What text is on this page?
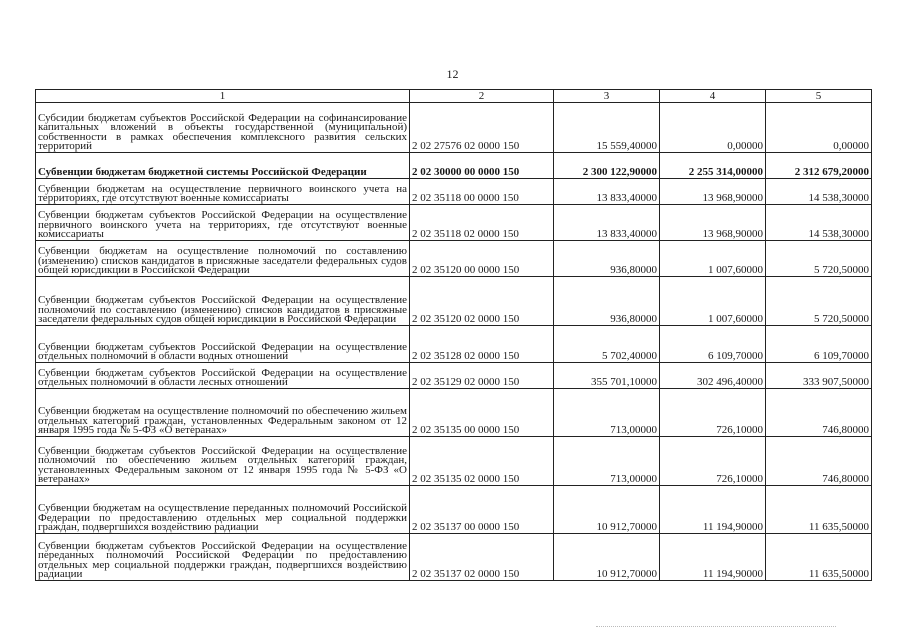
12
1	2	3	4	5
Субсидии бюджетам субъектов Российской Федерации на софинансирование капитальных вложений в объекты государственной (муниципальной) собственности в рамках обеспечения комплексного развития сельских территорий	2 02 27576 02 0000 150	15 559,40000	0,00000	0,00000
Субвенции бюджетам бюджетной системы Российской Федерации	2 02 30000 00 0000 150	2 300 122,90000	2 255 314,00000	2 312 679,20000
Субвенции бюджетам на осуществление первичного воинского учета на территориях, где отсутствуют военные комиссариаты	2 02 35118 00 0000 150	13 833,40000	13 968,90000	14 538,30000
Субвенции бюджетам субъектов Российской Федерации на осуществление первичного воинского учета на территориях, где отсутствуют военные комиссариаты	2 02 35118 02 0000 150	13 833,40000	13 968,90000	14 538,30000
Субвенции бюджетам на осуществление полномочий по составлению (изменению) списков кандидатов в присяжные заседатели федеральных судов общей юрисдикции в Российской Федерации	2 02 35120 00 0000 150	936,80000	1 007,60000	5 720,50000
Субвенции бюджетам субъектов Российской Федерации на осуществление полномочий по составлению (изменению) списков кандидатов в присяжные заседатели федеральных судов общей юрисдикции в Российской Федерации	2 02 35120 02 0000 150	936,80000	1 007,60000	5 720,50000
Субвенции бюджетам субъектов Российской Федерации на осуществление отдельных полномочий в области водных отношений	2 02 35128 02 0000 150	5 702,40000	6 109,70000	6 109,70000
Субвенции бюджетам субъектов Российской Федерации на осуществление отдельных полномочий в области лесных отношений	2 02 35129 02 0000 150	355 701,10000	302 496,40000	333 907,50000
Субвенции бюджетам на осуществление полномочий по обеспечению жильем отдельных категорий граждан, установленных Федеральным законом от 12 января 1995 года № 5-ФЗ «О ветеранах»	2 02 35135 00 0000 150	713,00000	726,10000	746,80000
Субвенции бюджетам субъектов Российской Федерации на осуществление полномочий по обеспечению жильем отдельных категорий граждан, установленных Федеральным законом от 12 января 1995 года № 5-ФЗ «О ветеранах»	2 02 35135 02 0000 150	713,00000	726,10000	746,80000
Субвенции бюджетам на осуществление переданных полномочий Российской Федерации по предоставлению отдельных мер социальной поддержки граждан, подвергшихся воздействию радиации	2 02 35137 00 0000 150	10 912,70000	11 194,90000	11 635,50000
Субвенции бюджетам субъектов Российской Федерации на осуществление переданных полномочий Российской Федерации по предоставлению отдельных мер социальной поддержки граждан, подвергшихся воздействию радиации	2 02 35137 02 0000 150	10 912,70000	11 194,90000	11 635,50000
